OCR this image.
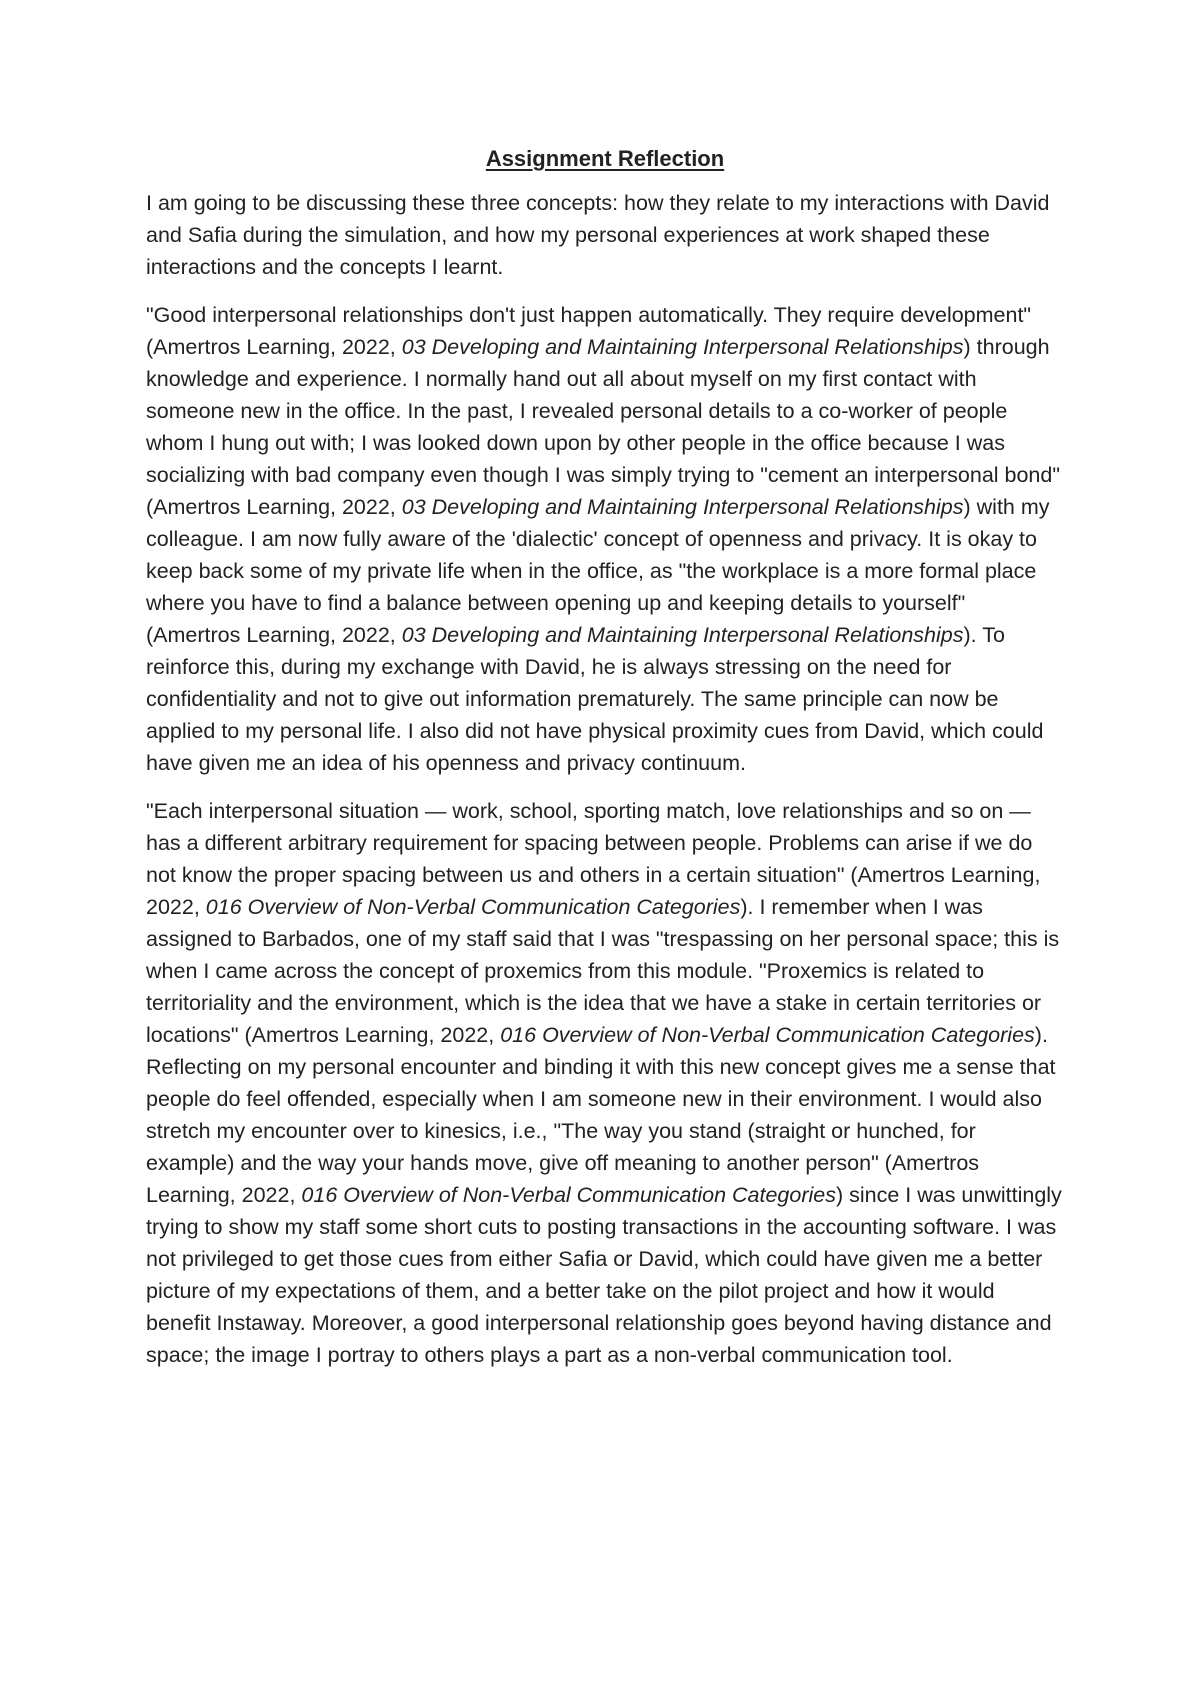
Assignment Reflection

I am going to be discussing these three concepts: how they relate to my interactions with David and Safia during the simulation, and how my personal experiences at work shaped these interactions and the concepts I learnt.

"Good interpersonal relationships don't just happen automatically. They require development" (Amertros Learning, 2022, 03 Developing and Maintaining Interpersonal Relationships) through knowledge and experience. I normally hand out all about myself on my first contact with someone new in the office. In the past, I revealed personal details to a co-worker of people whom I hung out with; I was looked down upon by other people in the office because I was socializing with bad company even though I was simply trying to "cement an interpersonal bond" (Amertros Learning, 2022, 03 Developing and Maintaining Interpersonal Relationships) with my colleague. I am now fully aware of the 'dialectic' concept of openness and privacy. It is okay to keep back some of my private life when in the office, as "the workplace is a more formal place where you have to find a balance between opening up and keeping details to yourself" (Amertros Learning, 2022, 03 Developing and Maintaining Interpersonal Relationships). To reinforce this, during my exchange with David, he is always stressing on the need for confidentiality and not to give out information prematurely. The same principle can now be applied to my personal life. I also did not have physical proximity cues from David, which could have given me an idea of his openness and privacy continuum.

"Each interpersonal situation — work, school, sporting match, love relationships and so on — has a different arbitrary requirement for spacing between people. Problems can arise if we do not know the proper spacing between us and others in a certain situation" (Amertros Learning, 2022, 016 Overview of Non-Verbal Communication Categories). I remember when I was assigned to Barbados, one of my staff said that I was "trespassing on her personal space; this is when I came across the concept of proxemics from this module. "Proxemics is related to territoriality and the environment, which is the idea that we have a stake in certain territories or locations" (Amertros Learning, 2022, 016 Overview of Non-Verbal Communication Categories). Reflecting on my personal encounter and binding it with this new concept gives me a sense that people do feel offended, especially when I am someone new in their environment. I would also stretch my encounter over to kinesics, i.e., "The way you stand (straight or hunched, for example) and the way your hands move, give off meaning to another person" (Amertros Learning, 2022, 016 Overview of Non-Verbal Communication Categories) since I was unwittingly trying to show my staff some short cuts to posting transactions in the accounting software. I was not privileged to get those cues from either Safia or David, which could have given me a better picture of my expectations of them, and a better take on the pilot project and how it would benefit Instaway. Moreover, a good interpersonal relationship goes beyond having distance and space; the image I portray to others plays a part as a non-verbal communication tool.
